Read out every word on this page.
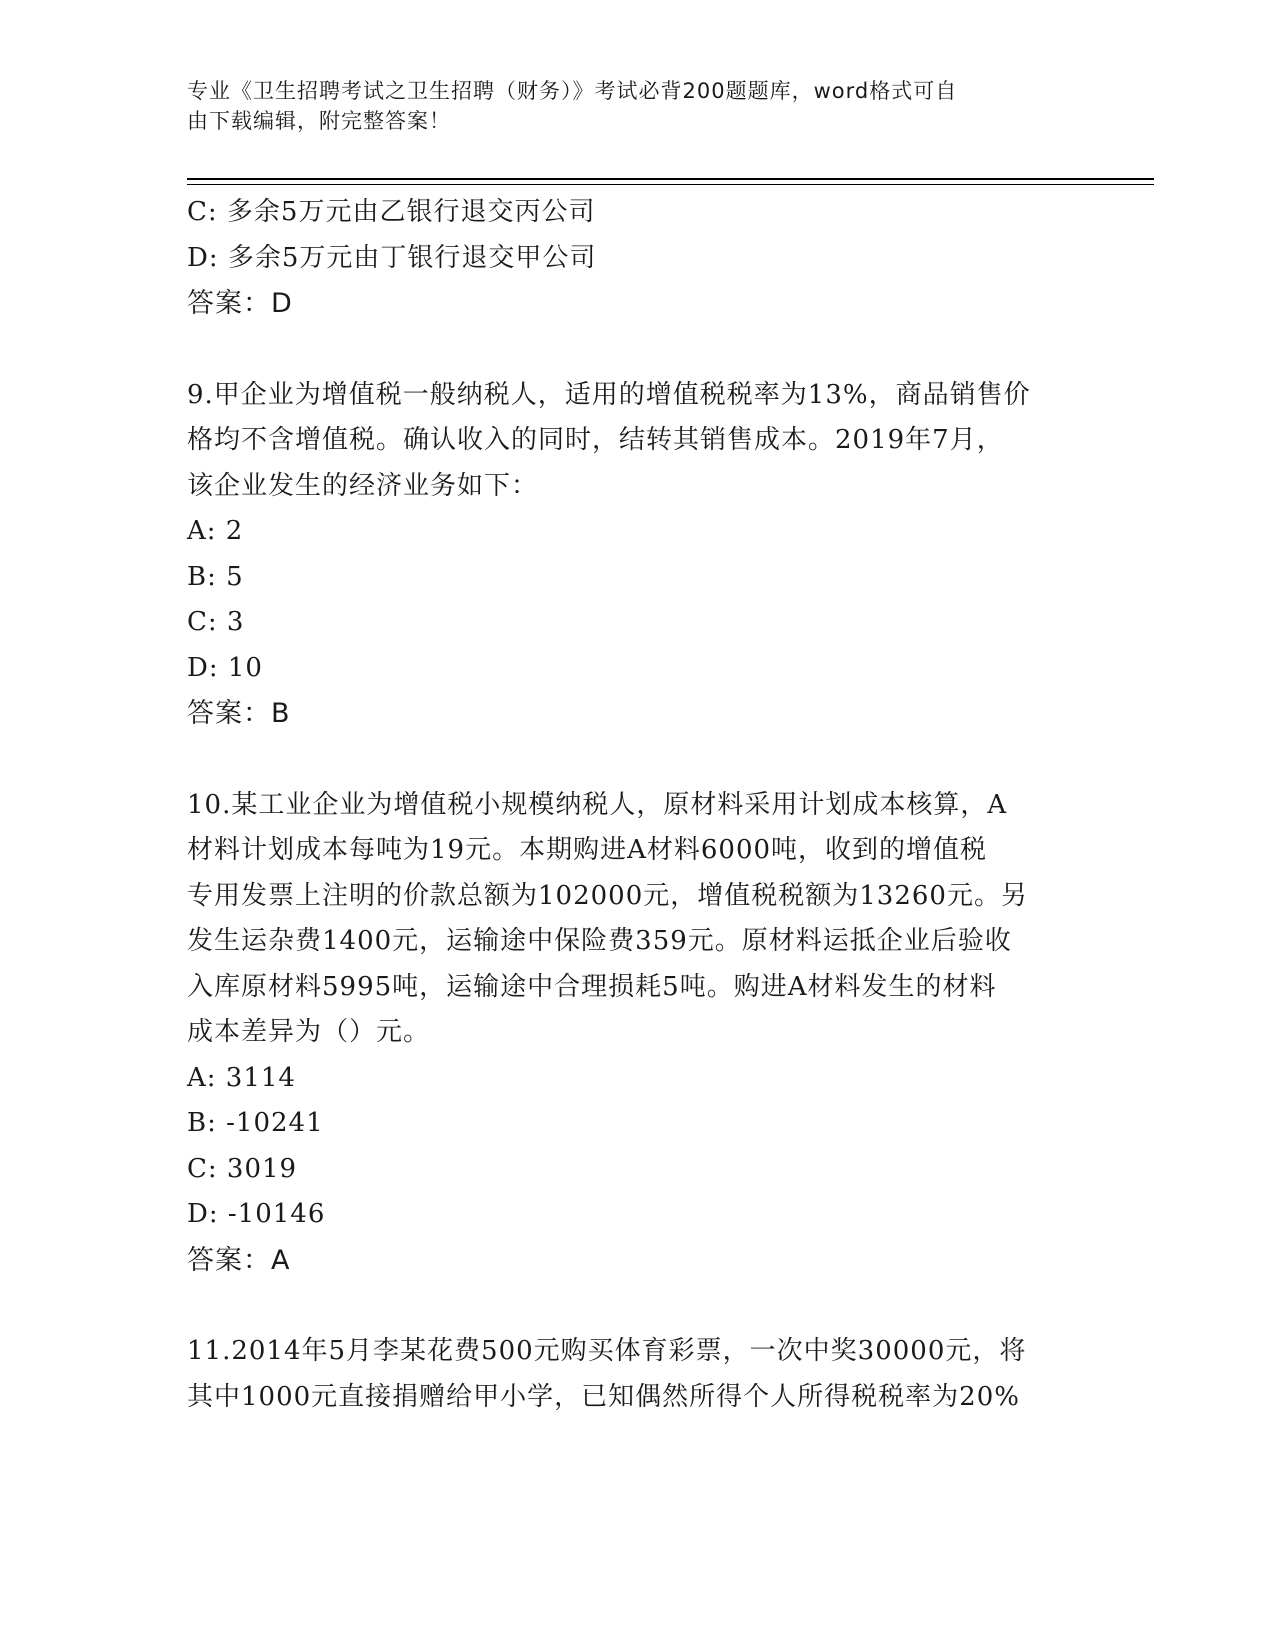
专业《卫生招聘考试之卫生招聘（财务）》考试必背200题题库，word格式可自
由下载编辑，附完整答案！
C: 多余5万元由乙银行退交丙公司
D: 多余5万元由丁银行退交甲公司
答案：D
9.甲企业为增值税一般纳税人，适用的增值税税率为13%，商品销售价
格均不含增值税。确认收入的同时，结转其销售成本。2019年7月，
该企业发生的经济业务如下：
A: 2
B: 5
C: 3
D: 10
答案：B
10.某工业企业为增值税小规模纳税人，原材料采用计划成本核算，A
材料计划成本每吨为19元。本期购进A材料6000吨，收到的增值税
专用发票上注明的价款总额为102000元，增值税税额为13260元。另
发生运杂费1400元，运输途中保险费359元。原材料运抵企业后验收
入库原材料5995吨，运输途中合理损耗5吨。购进A材料发生的材料
成本差异为（）元。
A: 3114
B: -10241
C: 3019
D: -10146
答案：A
11.2014年5月李某花费500元购买体育彩票，一次中奖30000元，将
其中1000元直接捐赠给甲小学，已知偶然所得个人所得税税率为20%
